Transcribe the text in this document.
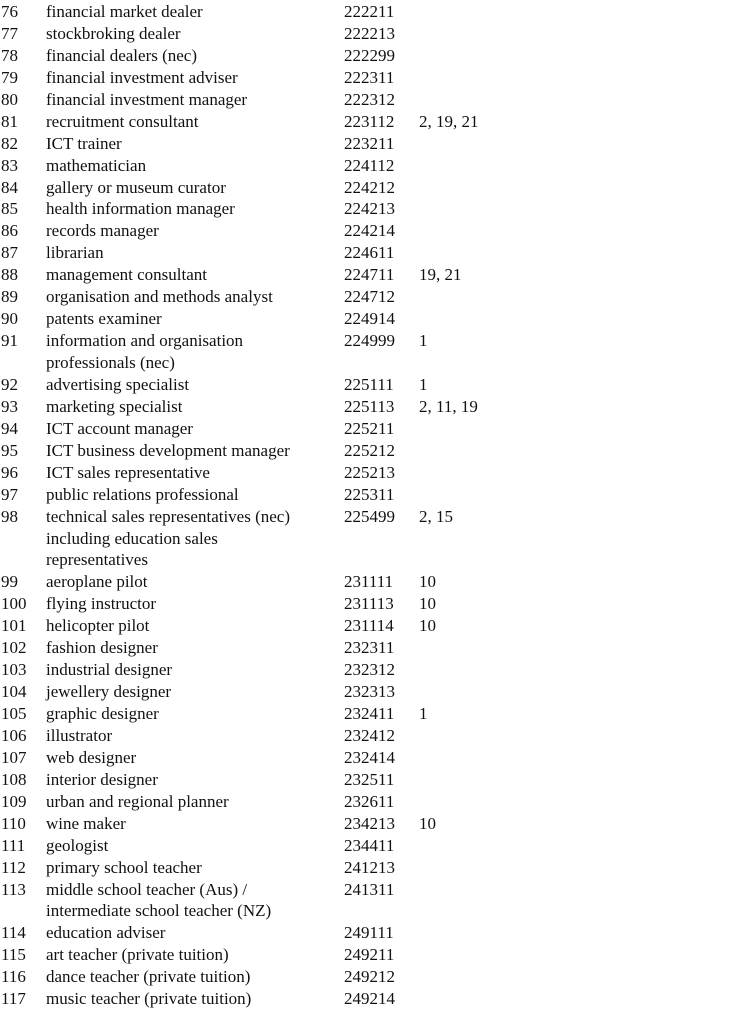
76	financial market dealer	222211	
77	stockbroking dealer	222213	
78	financial dealers (nec)	222299	
79	financial investment adviser	222311	
80	financial investment manager	222312	
81	recruitment consultant	223112	2, 19, 21
82	ICT trainer	223211	
83	mathematician	224112	
84	gallery or museum curator	224212	
85	health information manager	224213	
86	records manager	224214	
87	librarian	224611	
88	management consultant	224711	19, 21
89	organisation and methods analyst	224712	
90	patents examiner	224914	
91	information and organisation
professionals (nec)	224999	1
92	advertising specialist	225111	1
93	marketing specialist	225113	2, 11, 19
94	ICT account manager	225211	
95	ICT business development manager	225212	
96	ICT sales representative	225213	
97	public relations professional	225311	
98	technical sales representatives (nec)
including education sales
representatives	225499	2, 15
99	aeroplane pilot	231111	10
100	flying instructor	231113	10
101	helicopter pilot	231114	10
102	fashion designer	232311	
103	industrial designer	232312	
104	jewellery designer	232313	
105	graphic designer	232411	1
106	illustrator	232412	
107	web designer	232414	
108	interior designer	232511	
109	urban and regional planner	232611	
110	wine maker	234213	10
111	geologist	234411	
112	primary school teacher	241213	
113	middle school teacher (Aus) /
intermediate school teacher (NZ)	241311	
114	education adviser	249111	
115	art teacher (private tuition)	249211	
116	dance teacher (private tuition)	249212	
117	music teacher (private tuition)	249214	
